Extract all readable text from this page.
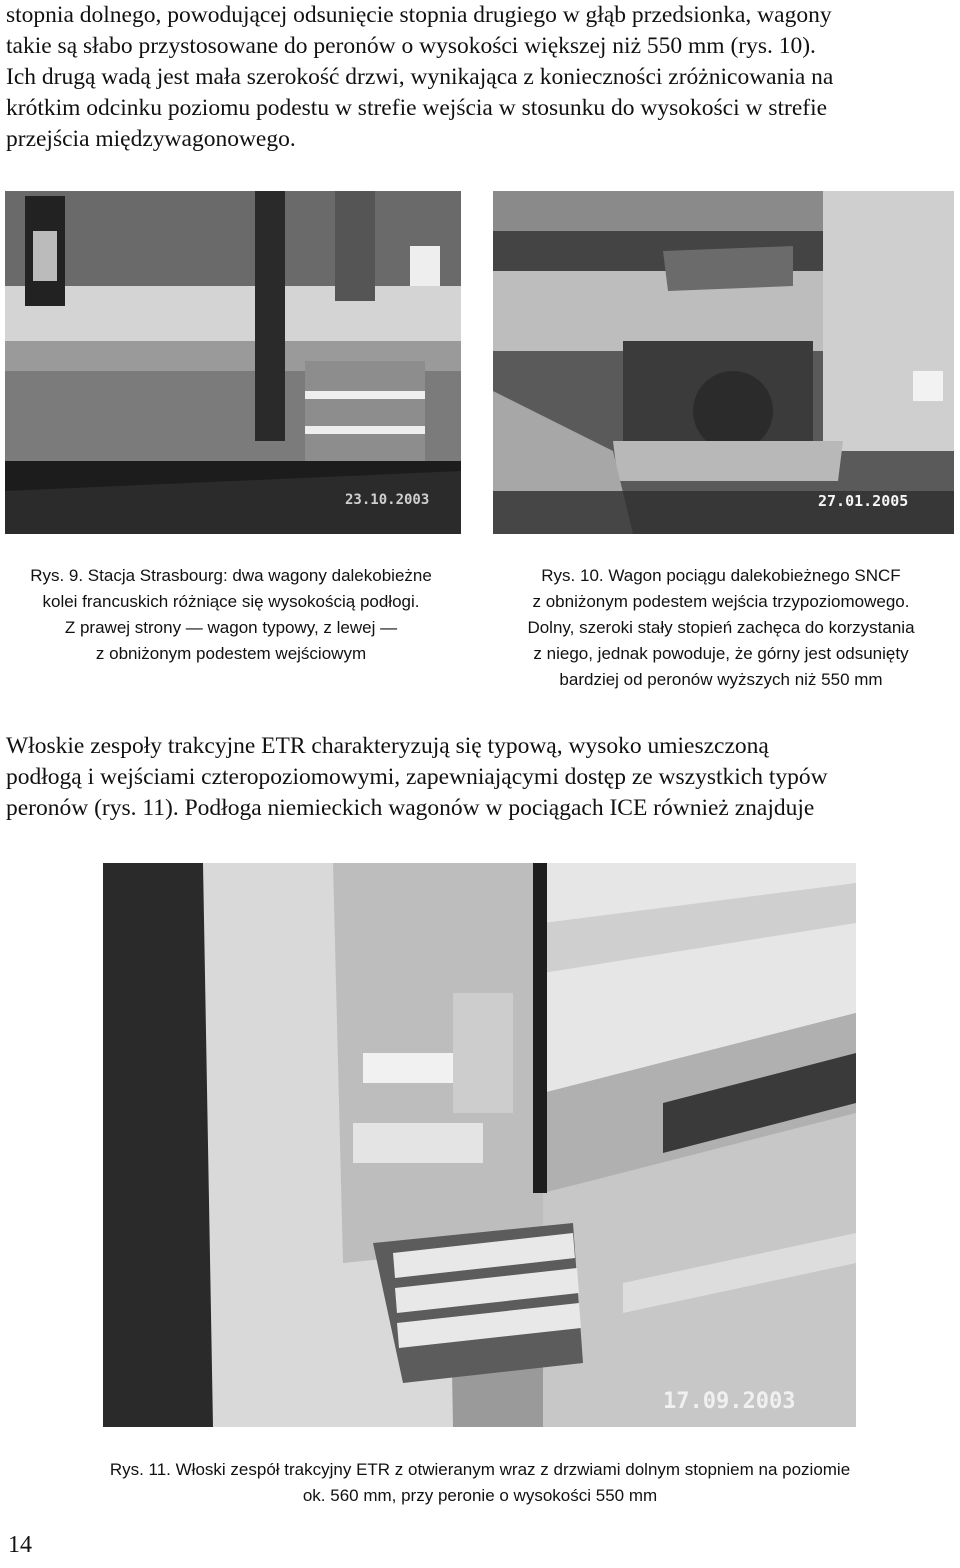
stopnia dolnego, powodującej odsunięcie stopnia drugiego w głąb przedsionka, wagony
takie są słabo przystosowane do peronów o wysokości większej niż 550 mm (rys. 10).
Ich drugą wadą jest mała szerokość drzwi, wynikająca z konieczności zróżnicowania na
krótkim odcinku poziomu podestu w strefie wejścia w stosunku do wysokości w strefie
przejścia międzywagonowego.

23.10.2003	27.01.2005
Rys. 9. Stacja Strasbourg: dwa wagony dalekobieżne
kolei francuskich różniące się wysokością podłogi.
Z prawej strony — wagon typowy, z lewej —
z obniżonym podestem wejściowym
Rys. 10. Wagon pociągu dalekobieżnego SNCF
z obniżonym podestem wejścia trzypoziomowego.
Dolny, szeroki stały stopień zachęca do korzystania
z niego, jednak powoduje, że górny jest odsunięty
bardziej od peronów wyższych niż 550 mm

Włoskie zespoły trakcyjne ETR charakteryzują się typową, wysoko umieszczoną
podłogą i wejściami czteropoziomowymi, zapewniającymi dostęp ze wszystkich typów
peronów (rys. 11). Podłoga niemieckich wagonów w pociągach ICE również znajduje

17.09.2003
Rys. 11. Włoski zespół trakcyjny ETR z otwieranym wraz z drzwiami dolnym stopniem na poziomie
ok. 560 mm, przy peronie o wysokości 550 mm
14
